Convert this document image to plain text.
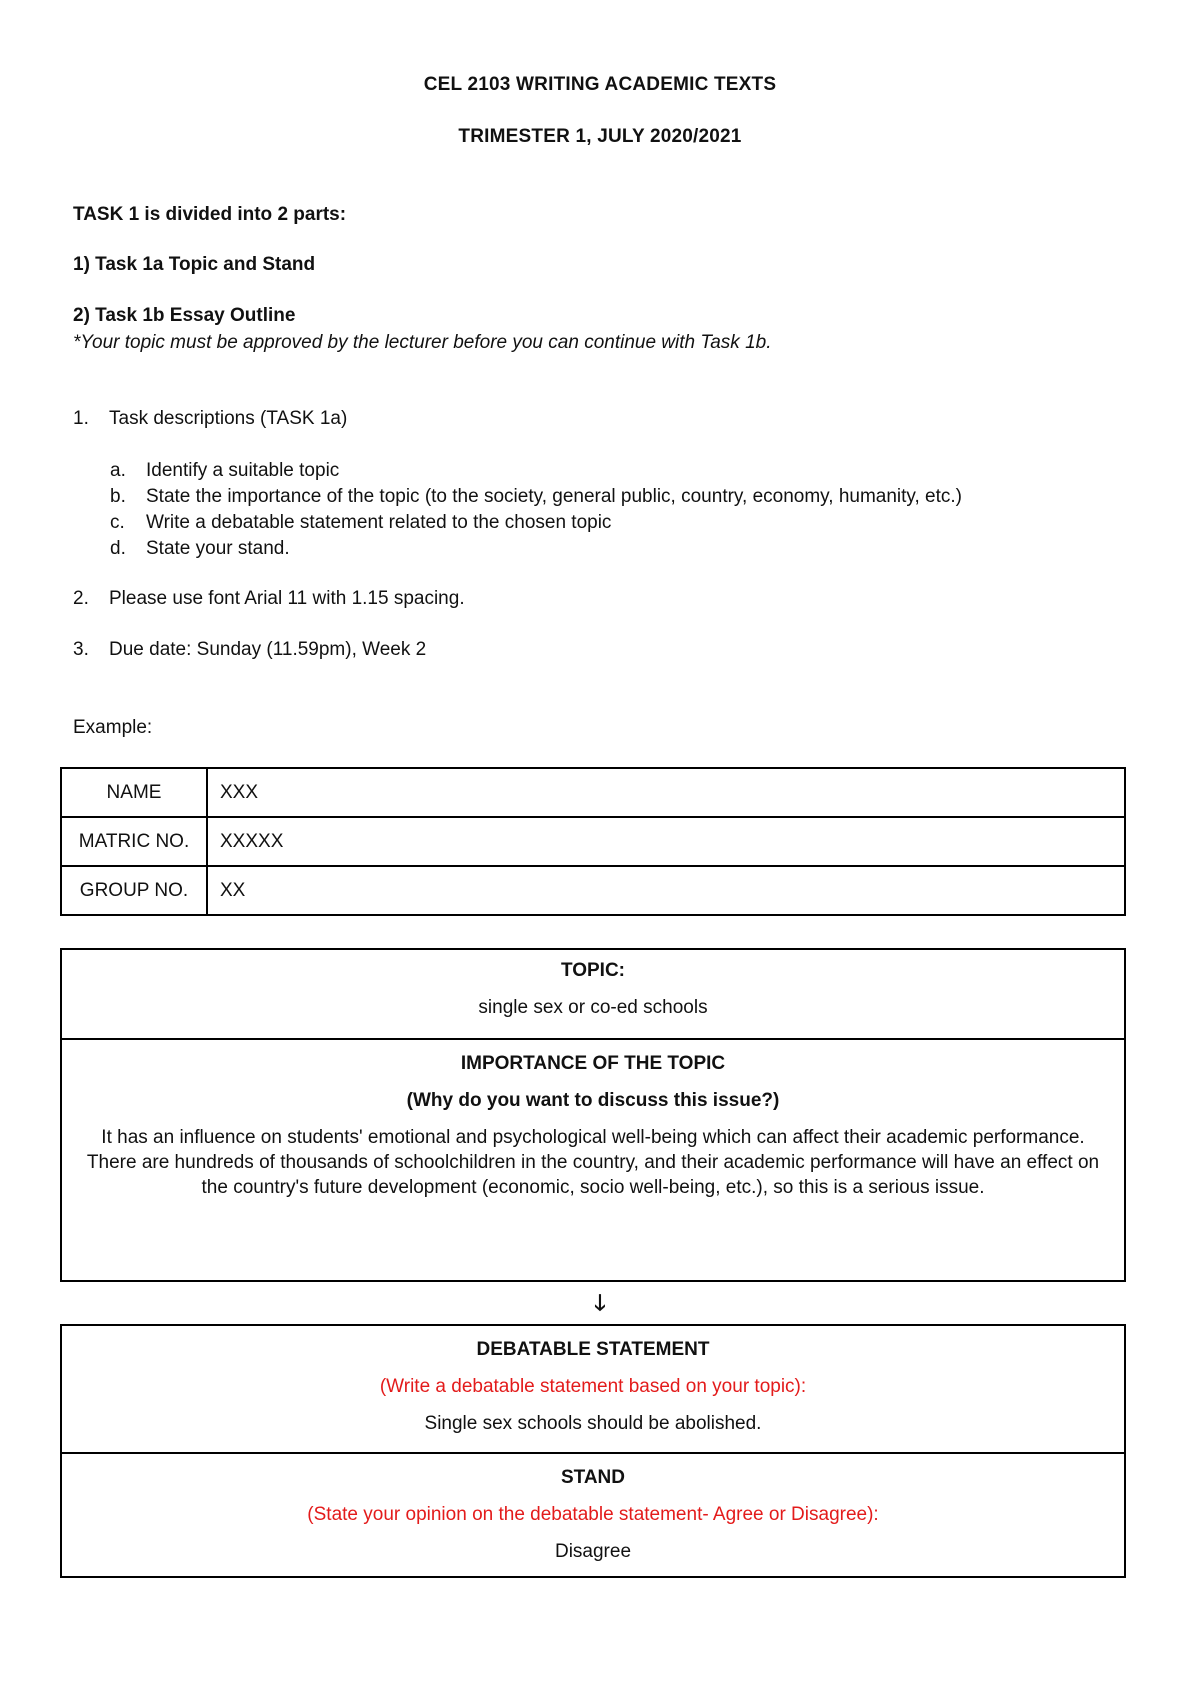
CEL 2103 WRITING ACADEMIC TEXTS

TRIMESTER 1, JULY 2020/2021

TASK 1 is divided into 2 parts:

1) Task 1a Topic and Stand

2) Task 1b Essay Outline

*Your topic must be approved by the lecturer before you can continue with Task 1b.

1. Task descriptions (TASK 1a)

a. Identify a suitable topic

b. State the importance of the topic (to the society, general public, country, economy, humanity, etc.)

c. Write a debatable statement related to the chosen topic

d. State your stand.

2. Please use font Arial 11 with 1.15 spacing.

3. Due date: Sunday (11.59pm), Week 2

Example:

NAME	XXX
MATRIC NO.	XXXXX
GROUP NO.	XX

TOPIC:

single sex or co-ed schools

IMPORTANCE OF THE TOPIC

(Why do you want to discuss this issue?)

It has an influence on students' emotional and psychological well-being which can affect their academic performance. There are hundreds of thousands of schoolchildren in the country, and their academic performance will have an effect on the country's future development (economic, socio well-being, etc.), so this is a serious issue.

🡓

DEBATABLE STATEMENT

(Write a debatable statement based on your topic):

Single sex schools should be abolished.

STAND

(State your opinion on the debatable statement- Agree or Disagree):

Disagree
